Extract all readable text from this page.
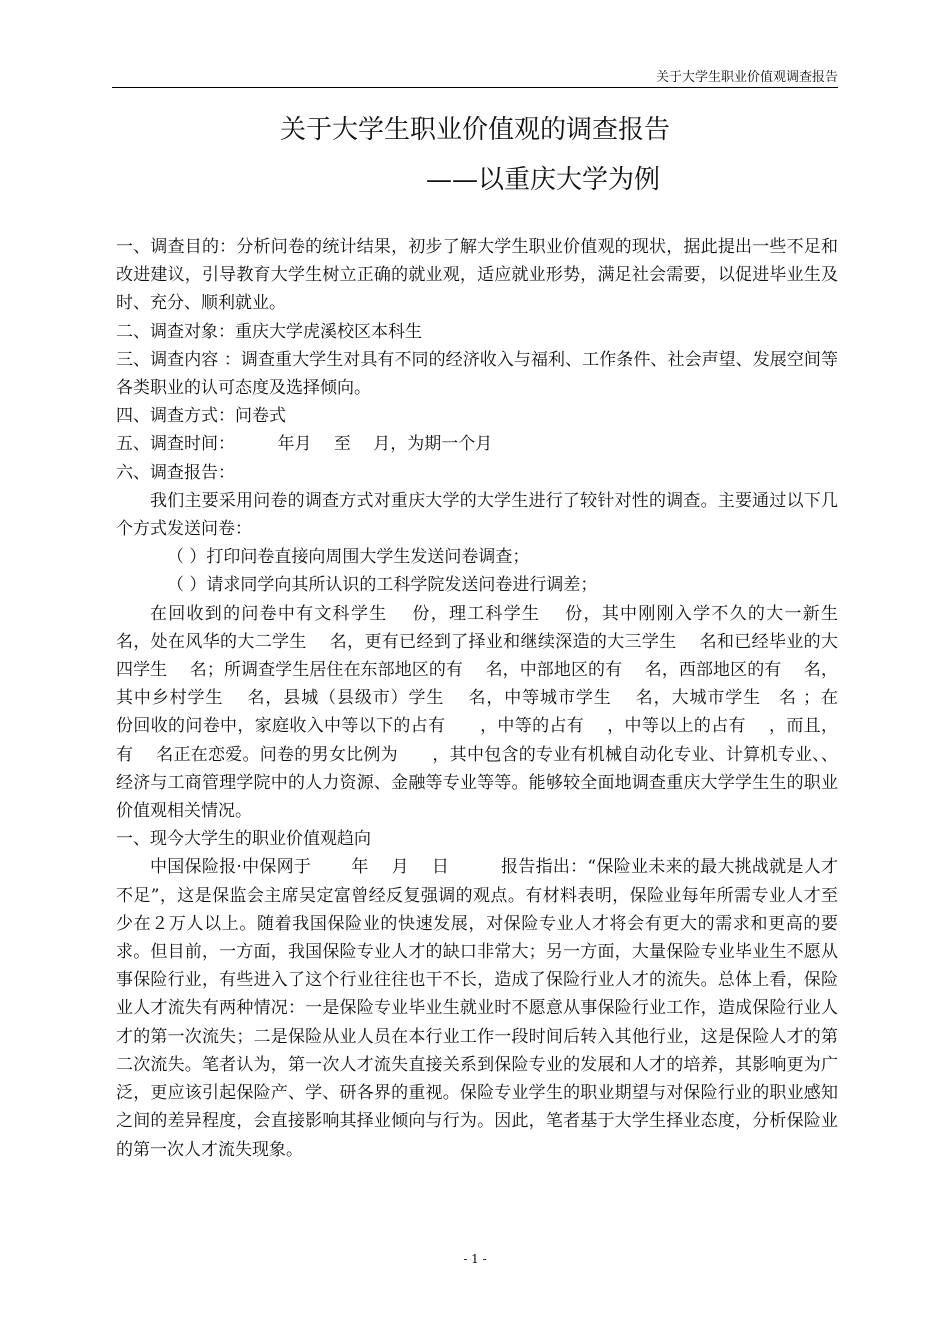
关于大学生职业价值观调查报告
关于大学生职业价值观的调查报告
——以重庆大学为例

一、调查目的：分析问卷的统计结果，初步了解大学生职业价值观的现状，据此提出一些不足和改进建议，引导教育大学生树立正确的就业观，适应就业形势，满足社会需要，以促进毕业生及时、充分、顺利就业。

二、调查对象：重庆大学虎溪校区本科生

三、调查内容 ：调查重大学生对具有不同的经济收入与福利、工作条件、社会声望、发展空间等各类职业的认可态度及选择倾向。

四、调查方式：问卷式

五、调查时间：　　　年月　 至　 月，为期一个月

六、调查报告：

我们主要采用问卷的调查方式对重庆大学的大学生进行了较针对性的调查。主要通过以下几个方式发送问卷：

（ ）打印问卷直接向周围大学生发送问卷调查；

（ ）请求同学向其所认识的工科学院发送问卷进行调差；

在回收到的问卷中有文科学生　 份，理工科学生　 份，其中刚刚入学不久的大一新生　 名，处在风华的大二学生　 名，更有已经到了择业和继续深造的大三学生　 名和已经毕业的大四学生　 名；所调查学生居住在东部地区的有　 名，中部地区的有　 名，西部地区的有　 名，其中乡村学生　 名，县城（县级市）学生　 名，中等城市学生　 名，大城市学生　名 ；在　 份回收的问卷中，家庭收入中等以下的占有　　，中等的占有　 ，中等以上的占有　 ，而且，有　 名正在恋爱。问卷的男女比例为　　，其中包含的专业有机械自动化专业、计算机专业、、经济与工商管理学院中的人力资源、金融等专业等等。能够较全面地调查重庆大学学生生的职业价值观相关情况。

一、现今大学生的职业价值观趋向

中国保险报·中保网于　　 年　 月　 日　　　报告指出：“保险业未来的最大挑战就是人才不足”，这是保监会主席吴定富曾经反复强调的观点。有材料表明，保险业每年所需专业人才至少在２万人以上。随着我国保险业的快速发展，对保险专业人才将会有更大的需求和更高的要求。但目前，一方面，我国保险专业人才的缺口非常大；另一方面，大量保险专业毕业生不愿从事保险行业，有些进入了这个行业往往也干不长，造成了保险行业人才的流失。总体上看，保险业人才流失有两种情况：一是保险专业毕业生就业时不愿意从事保险行业工作，造成保险行业人才的第一次流失；二是保险从业人员在本行业工作一段时间后转入其他行业，这是保险人才的第二次流失。笔者认为，第一次人才流失直接关系到保险专业的发展和人才的培养，其影响更为广泛，更应该引起保险产、学、研各界的重视。保险专业学生的职业期望与对保险行业的职业感知之间的差异程度，会直接影响其择业倾向与行为。因此，笔者基于大学生择业态度，分析保险业的第一次人才流失现象。

- 1 -
